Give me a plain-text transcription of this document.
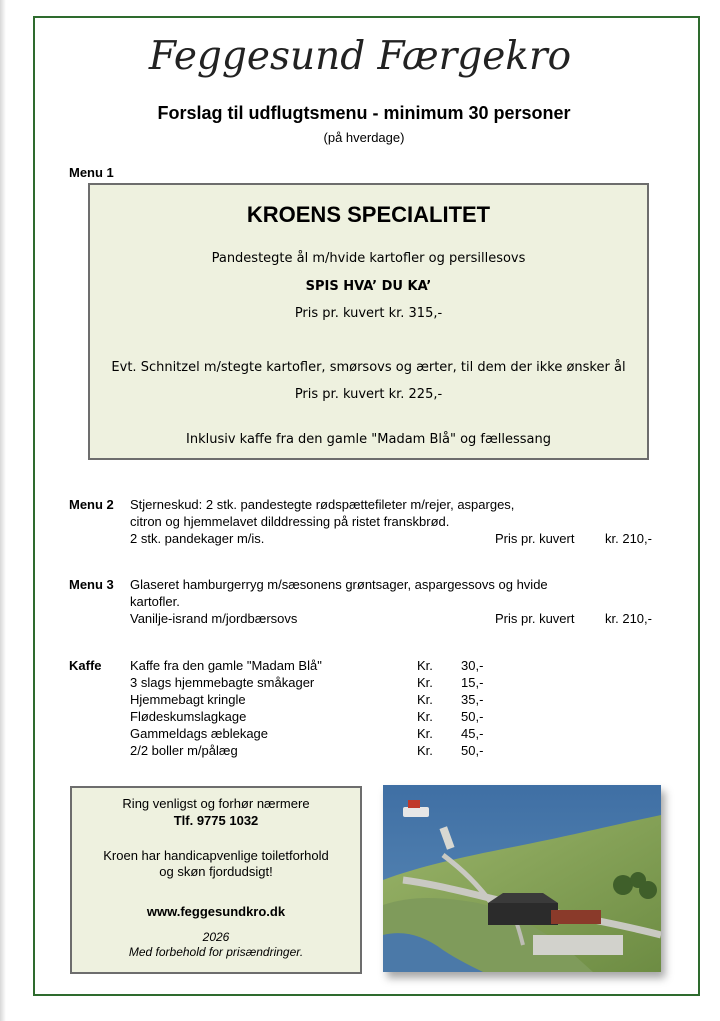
Feggesund Færgekro
Forslag til udflugtsmenu - minimum 30 personer
(på hverdage)
Menu 1
KROENS SPECIALITET
Pandestegte ål m/hvide kartofler og persillesovs
SPIS HVA’ DU KA’
Pris pr. kuvert kr. 315,-
Evt. Schnitzel m/stegte kartofler, smørsovs og ærter, til dem der ikke ønsker ål
Pris pr. kuvert kr. 225,-
Inklusiv kaffe fra den gamle "Madam Blå" og fællessang
Menu 2 Stjerneskud: 2 stk. pandestegte rødspættefileter m/rejer, asparges,
citron og hjemmelavet dilddressing på ristet franskbrød.
2 stk. pandekager m/is.	Pris pr. kuvert kr. 210,-
Menu 3 Glaseret hamburgerryg m/sæsonens grøntsager, aspargessovs og hvide
kartofler.
Vanilje-isrand m/jordbærsovs	Pris pr. kuvert kr. 210,-
Kaffe Kaffe fra den gamle "Madam Blå"	Kr. 30,-
3 slags hjemmebagte småkager	Kr. 15,-
Hjemmebagt kringle	Kr. 35,-
Flødeskumslagkage	Kr. 50,-
Gammeldags æblekage	Kr. 45,-
2/2 boller m/pålæg	Kr. 50,-
Ring venligst og forhør nærmere
Tlf. 9775 1032
Kroen har handicapvenlige toiletforhold
og skøn fjordudsigt!
www.feggesundkro.dk
2026
Med forbehold for prisændringer.
